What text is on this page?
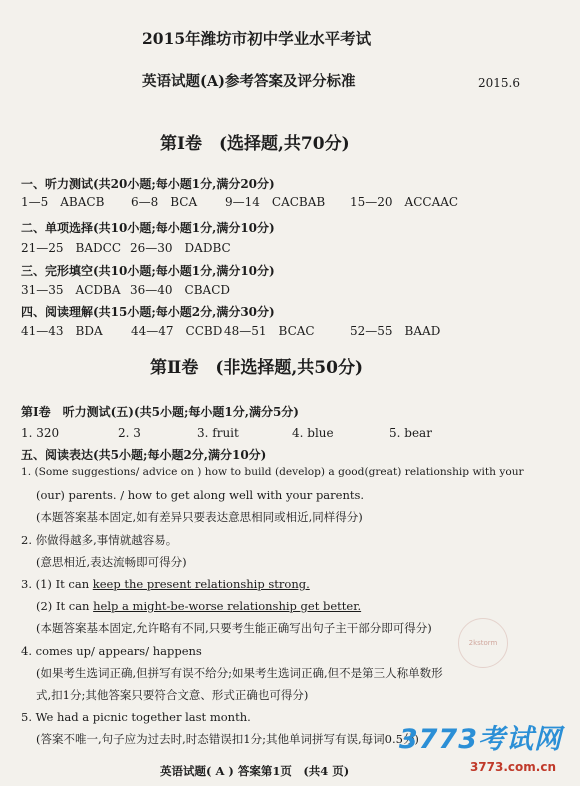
2015年潍坊市初中学业水平考试
英语试题(A)参考答案及评分标准	2015.6
第Ⅰ卷　(选择题,共70分)
一、听力测试(共20小题;每小题1分,满分20分)
1—5　ABACB 6—8　BCA 9—14　CACBAB 15—20　ACCAAC
二、单项选择(共10小题;每小题1分,满分10分)
21—25　BADCC 26—30　DADBC
三、完形填空(共10小题;每小题1分,满分10分)
31—35　ACDBA 36—40　CBACD
四、阅读理解(共15小题;每小题2分,满分30分)
41—43　BDA 44—47　CCBD 48—51　BCAC	52—55　BAAD
第Ⅱ卷　(非选择题,共50分)
第Ⅰ卷　听力测试(五)(共5小题;每小题1分,满分5分)
1. 320	2. 3	3. fruit	4. blue	5. bear
五、阅读表达(共5小题;每小题2分,满分10分)
1. (Some suggestions/ advice on ) how to build (develop) a good(great) relationship with your
(our) parents. / how to get along well with your parents.
(本题答案基本固定,如有差异只要表达意思相同或相近,同样得分)
2. 你做得越多,事情就越容易。
(意思相近,表达流畅即可得分)
3. (1) It can keep the present relationship strong.
(2) It can help a might-be-worse relationship get better.
(本题答案基本固定,允许略有不同,只要考生能正确写出句子主干部分即可得分)
4. comes up/ appears/ happens
(如果考生选词正确,但拼写有误不给分;如果考生选词正确,但不是第三人称单数形
式,扣1分;其他答案只要符合文意、形式正确也可得分)
5. We had a picnic together last month.
(答案不唯一,句子应为过去时,时态错误扣1分;其他单词拼写有误,每词0.5分)
英语试题( A ) 答案第1页　(共4 页)
2kstorm
3773考试网
3773.com.cn
